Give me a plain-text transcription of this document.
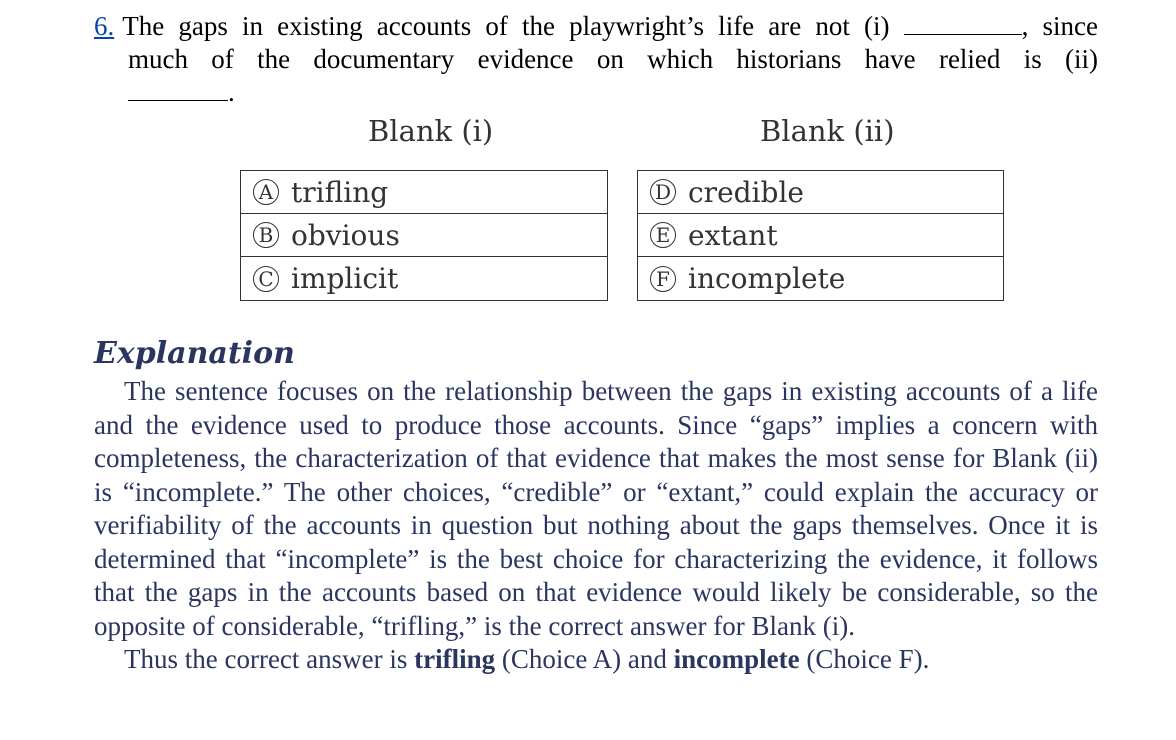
6. The gaps in existing accounts of the playwright’s life are not (i)	, since
much of the documentary evidence on which historians have relied is (ii)
.
Blank (i)	Blank (ii)
A trifling
B obvious
C implicit
D credible
E extant
F incomplete
Explanation

The sentence focuses on the relationship between the gaps in existing accounts of a life and the evidence used to produce those accounts. Since “gaps” implies a concern with completeness, the characterization of that evidence that makes the most sense for Blank (ii) is “incomplete.” The other choices, “credible” or “extant,” could explain the accuracy or verifiability of the accounts in question but nothing about the gaps themselves. Once it is determined that “incomplete” is the best choice for characterizing the evidence, it follows that the gaps in the accounts based on that evidence would likely be considerable, so the opposite of considerable, “trifling,” is the correct answer for Blank (i).

Thus the correct answer is trifling (Choice A) and incomplete (Choice F).
